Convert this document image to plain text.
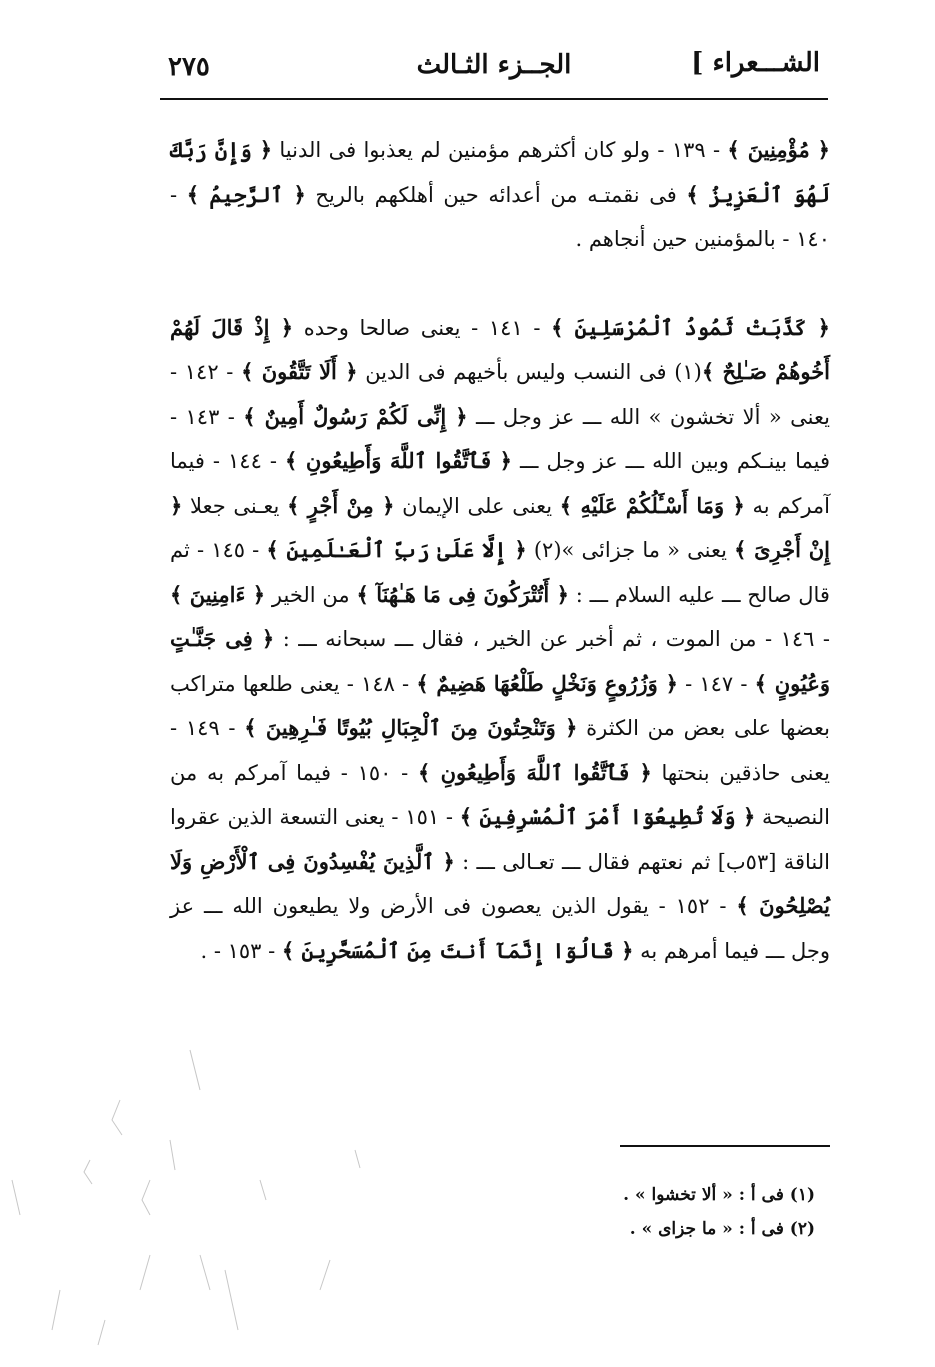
الشـــعراء ]
الجــزء الثـالث
٢٧٥

﴿ مُؤْمِنِينَ ﴾ - ١٣٩ - ولو كان أكثرهم مؤمنين لم يعذبوا فى الدنيا ﴿ وَإِنَّ رَبَّكَ لَهُوَ ٱلْعَزِيزُ ﴾ فى نقمتـه من أعدائه حين أهلكهم بالريح ﴿ ٱلرَّحِيمُ ﴾ - ١٤٠ - بالمؤمنين حين أنجاهم .

﴿ كَذَّبَتْ ثَمُودُ ٱلْمُرْسَلِينَ ﴾ - ١٤١ - يعنى صالحا وحده ﴿ إِذْ قَالَ لَهُمْ أَخُوهُمْ صَـٰلِحٌ ﴾(١) فى النسب وليس بأخيهم فى الدين ﴿ أَلَا تَتَّقُونَ ﴾ - ١٤٢ - يعنى « ألا تخشون » الله ـــ عز وجل ـــ ﴿ إِنِّى لَكُمْ رَسُولٌ أَمِينٌ ﴾ - ١٤٣ - فيما بينـكم وبين الله ـــ عز وجل ـــ ﴿ فَٱتَّقُوا ٱللَّهَ وَأَطِيعُونِ ﴾ - ١٤٤ - فيما آمركم به ﴿ وَمَا أَسْـَٔلُكُمْ عَلَيْهِ ﴾ يعنى على الإيمان ﴿ مِنْ أَجْرٍ ﴾ يعـنى جعلا ﴿ إِنْ أَجْرِىَ ﴾ يعنى « ما جزائى »(٢) ﴿ إِلَّا عَلَىٰ رَبِّ ٱلْعَـٰلَمِينَ ﴾ - ١٤٥ - ثم قال صالح ـــ عليه السلام ـــ : ﴿ أَتُتْرَكُونَ فِى مَا هَـٰهُنَآ ﴾ من الخير ﴿ ءَامِنِينَ ﴾ - ١٤٦ - من الموت ، ثم أخبر عن الخير ، فقال ـــ سبحانه ـــ : ﴿ فِى جَنَّـٰتٍ وَعُيُونٍ ﴾ - ١٤٧ - ﴿ وَزُرُوعٍ وَنَخْلٍ طَلْعُهَا هَضِيمٌ ﴾ - ١٤٨ - يعنى طلعها متراكب بعضها على بعض من الكثرة ﴿ وَتَنْحِتُونَ مِنَ ٱلْجِبَالِ بُيُوتًا فَـٰرِهِينَ ﴾ - ١٤٩ - يعنى حاذقين بنحتها ﴿ فَٱتَّقُوا ٱللَّهَ وَأَطِيعُونِ ﴾ - ١٥٠ - فيما آمركم به من النصيحة ﴿ وَلَا تُطِيعُوٓا أَمْرَ ٱلْمُسْرِفِينَ ﴾ - ١٥١ - يعنى التسعة الذين عقروا الناقة [٥٣ب] ثم نعتهم فقال ـــ تعـالى ـــ : ﴿ ٱلَّذِينَ يُفْسِدُونَ فِى ٱلْأَرْضِ وَلَا يُصْلِحُونَ ﴾ - ١٥٢ - يقول الذين يعصون فى الأرض ولا يطيعون الله ـــ عز وجل ـــ فيما أمرهم به ﴿ قَالُوٓا إِنَّمَآ أَنتَ مِنَ ٱلْمُسَحَّرِينَ ﴾ - ١٥٣ - .

(١) فى أ : « ألا تخشوا » .
(٢) فى أ : « ما جزاى » .
